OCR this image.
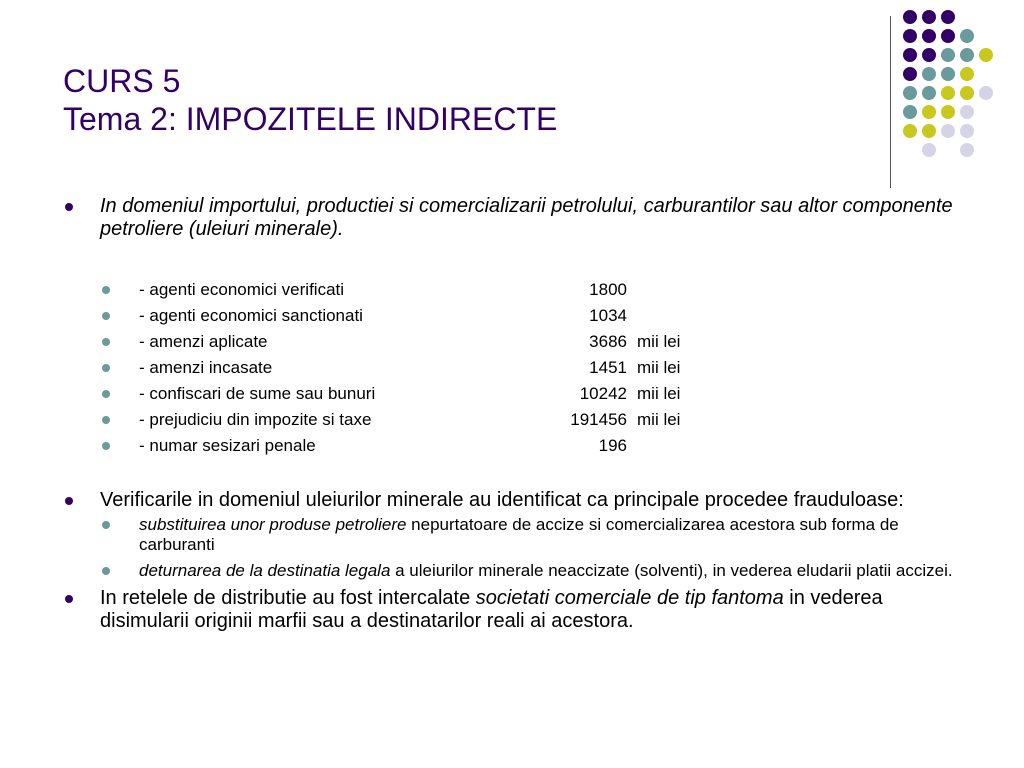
CURS 5
Tema 2: IMPOZITELE INDIRECTE
In domeniul importului, productiei si comercializarii petrolului, carburantilor sau altor componente petroliere (uleiuri minerale).
- agenti economici verificati	1800
- agenti economici sanctionati	1034
- amenzi aplicate	3686 mii lei
- amenzi incasate	1451 mii lei
- confiscari de sume sau bunuri	10242 mii lei
- prejudiciu din impozite si taxe	191456 mii lei
- numar sesizari penale	196
Verificarile in domeniul uleiurilor minerale au identificat ca principale procedee frauduloase:
substituirea unor produse petroliere nepurtatoare de accize si comercializarea acestora sub forma de carburanti
deturnarea de la destinatia legala a uleiurilor minerale neaccizate (solventi), in vederea eludarii platii accizei.
In retelele de distributie au fost intercalate societati comerciale de tip fantoma in vederea disimularii originii marfii sau a destinatarilor reali ai acestora.
